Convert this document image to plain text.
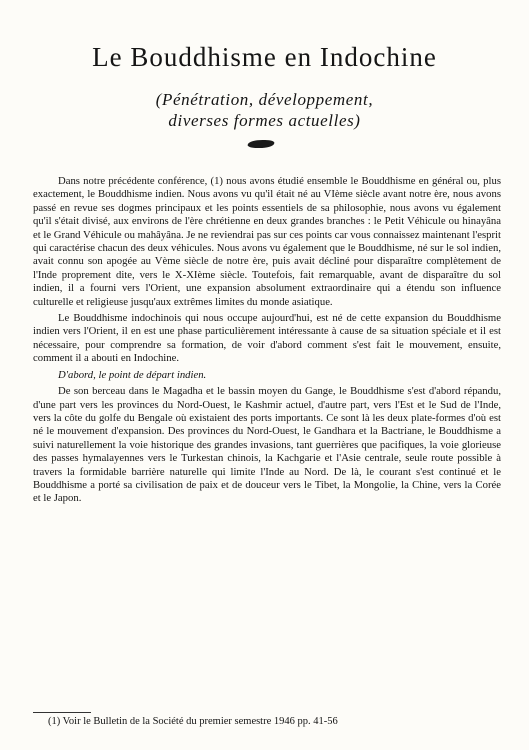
Le Bouddhisme en Indochine
(Pénétration, développement,
diverses formes actuelles)

Dans notre précédente conférence, (1) nous avons étudié ensemble le Bouddhisme en général ou, plus exactement, le Bouddhisme indien. Nous avons vu qu'il était né au VIème siècle avant notre ère, nous avons passé en revue ses dogmes principaux et les points essentiels de sa philosophie, nous avons vu également qu'il s'était divisé, aux environs de l'ère chrétienne en deux grandes branches : le Petit Véhicule ou hinayâna et le Grand Véhicule ou mahâyâna. Je ne reviendrai pas sur ces points car vous connaissez maintenant l'esprit qui caractérise chacun des deux véhicules. Nous avons vu également que le Bouddhisme, né sur le sol indien, avait connu son apogée au Vème siècle de notre ère, puis avait décliné pour disparaître complètement de l'Inde proprement dite, vers le X-XIème siècle. Toutefois, fait remarquable, avant de disparaître du sol indien, il a fourni vers l'Orient, une expansion absolument extraordinaire qui a étendu son influence culturelle et religieuse jusqu'aux extrêmes limites du monde asiatique.

Le Bouddhisme indochinois qui nous occupe aujourd'hui, est né de cette expansion du Bouddhisme indien vers l'Orient, il en est une phase particulièrement intéressante à cause de sa situation spéciale et il est nécessaire, pour comprendre sa formation, de voir d'abord comment s'est fait le mouvement, ensuite, comment il a abouti en Indochine.

D'abord, le point de départ indien.

De son berceau dans le Magadha et le bassin moyen du Gange, le Bouddhisme s'est d'abord répandu, d'une part vers les provinces du Nord-Ouest, le Kashmir actuel, d'autre part, vers l'Est et le Sud de l'Inde, vers la côte du golfe du Bengale où existaient des ports importants. Ce sont là les deux plate-formes d'où est né le mouvement d'expansion. Des provinces du Nord-Ouest, le Gandhara et la Bactriane, le Bouddhisme a suivi naturellement la voie historique des grandes invasions, tant guerrières que pacifiques, la voie glorieuse des passes hymalayennes vers le Turkestan chinois, la Kachgarie et l'Asie centrale, seule route possible à travers la formidable barrière naturelle qui limite l'Inde au Nord. De là, le courant s'est continué et le Bouddhisme a porté sa civilisation de paix et de douceur vers le Tibet, la Mongolie, la Chine, vers la Corée et le Japon.

(1) Voir le Bulletin de la Société du premier semestre 1946 pp. 41-56
